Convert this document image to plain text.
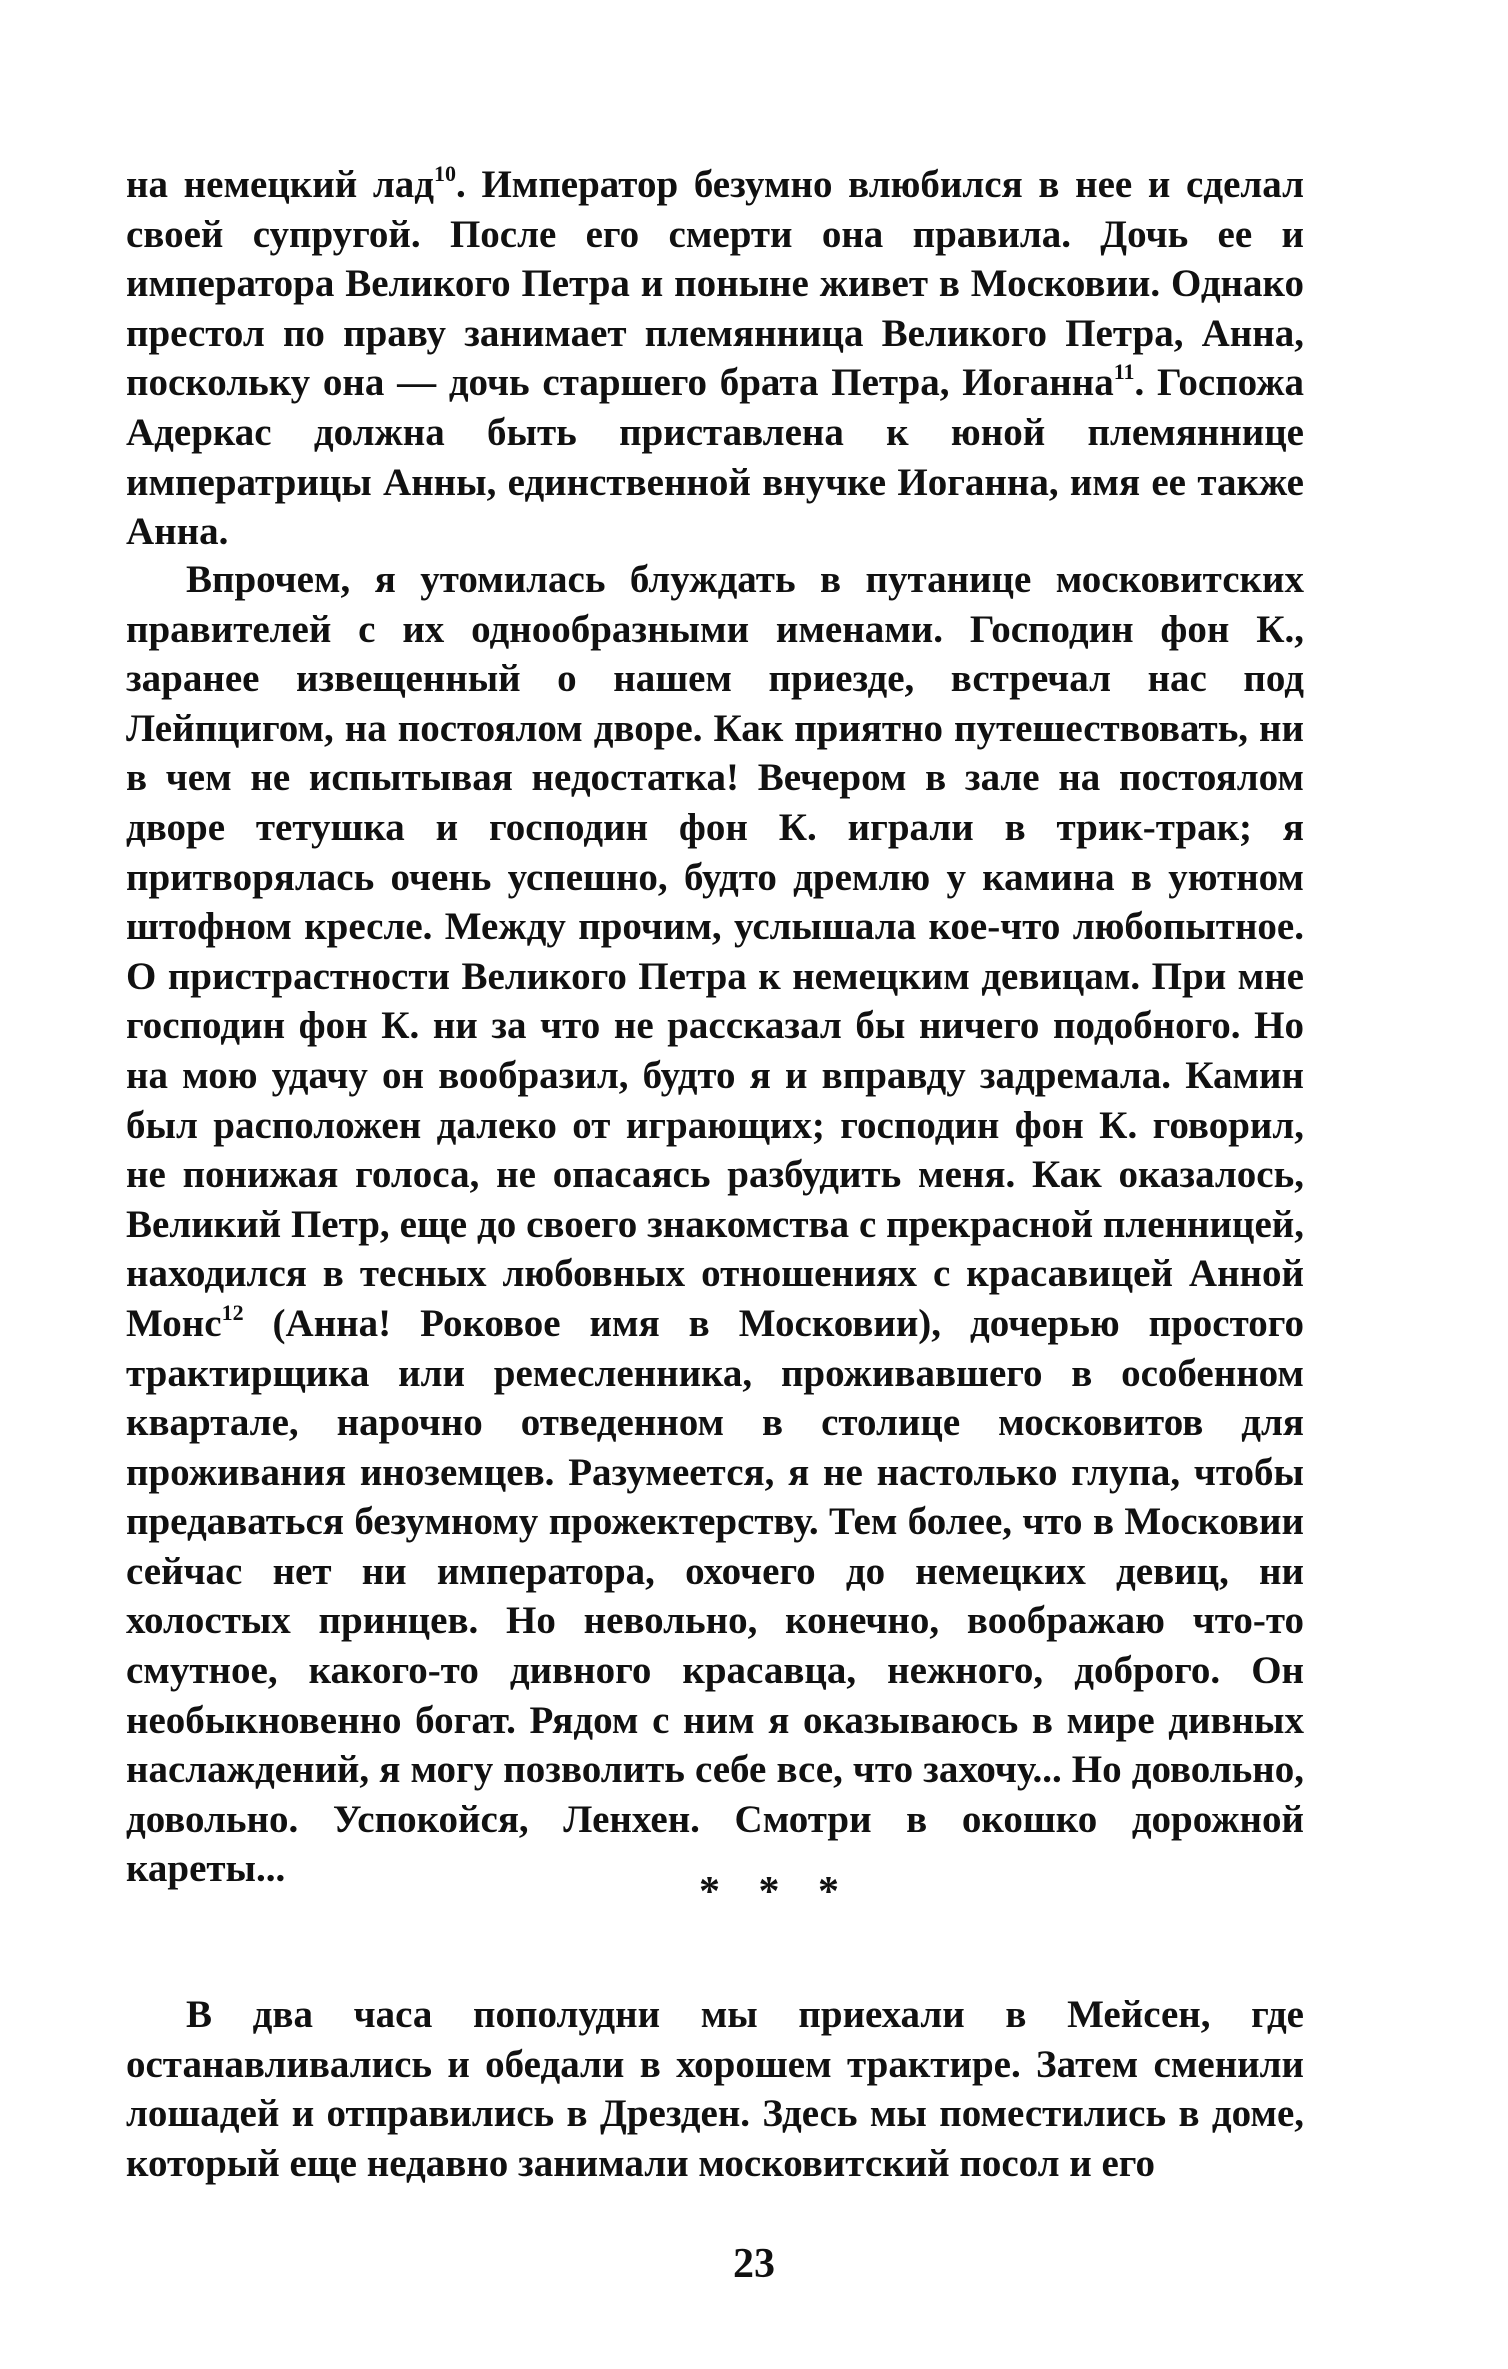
на немецкий лад$^{10}$. Император безумно влюбился в нее и сделал своей супругой. После его смерти она правила. Дочь ее и императора Великого Петра и поныне живет в Московии. Однако престол по праву занимает племянница Великого Петра, Анна, поскольку она — дочь старшего брата Петра, Иоганна$^{11}$. Госпожа Адеркас должна быть приставлена к юной племяннице императрицы Анны, единственной внучке Иоганна, имя ее также Анна.

Впрочем, я утомилась блуждать в путанице московитских правителей с их однообразными именами. Господин фон К., заранее извещенный о нашем приезде, встречал нас под Лейпцигом, на постоялом дворе. Как приятно путешествовать, ни в чем не испытывая недостатка! Вечером в зале на постоялом дворе тетушка и господин фон К. играли в трик-трак; я притворялась очень успешно, будто дремлю у камина в уютном штофном кресле. Между прочим, услышала кое-что любопытное. О пристрастности Великого Петра к немецким девицам. При мне господин фон К. ни за что не рассказал бы ничего подобного. Но на мою удачу он вообразил, будто я и вправду задремала. Камин был расположен далеко от играющих; господин фон К. говорил, не понижая голоса, не опасаясь разбудить меня. Как оказалось, Великий Петр, еще до своего знакомства с прекрасной пленницей, находился в тесных любовных отношениях с красавицей Анной Монс$^{12}$ (Анна! Роковое имя в Московии), дочерью простого трактирщика или ремесленника, проживавшего в особенном квартале, нарочно отведенном в столице московитов для проживания иноземцев. Разумеется, я не настолько глупа, чтобы предаваться безумному прожектерству. Тем более, что в Московии сейчас нет ни императора, охочего до немецких девиц, ни холостых принцев. Но невольно, конечно, воображаю что-то смутное, какого-то дивного красавца, нежного, доброго. Он необыкновенно богат. Рядом с ним я оказываюсь в мире дивных наслаждений, я могу позволить себе все, что захочу... Но довольно, довольно. Успокойся, Ленхен. Смотри в окошко дорожной кареты...

* * *

В два часа пополудни мы приехали в Мейсен, где останавливались и обедали в хорошем трактире. Затем сменили лошадей и отправились в Дрезден. Здесь мы поместились в доме, который еще недавно занимали московитский посол и его

23
